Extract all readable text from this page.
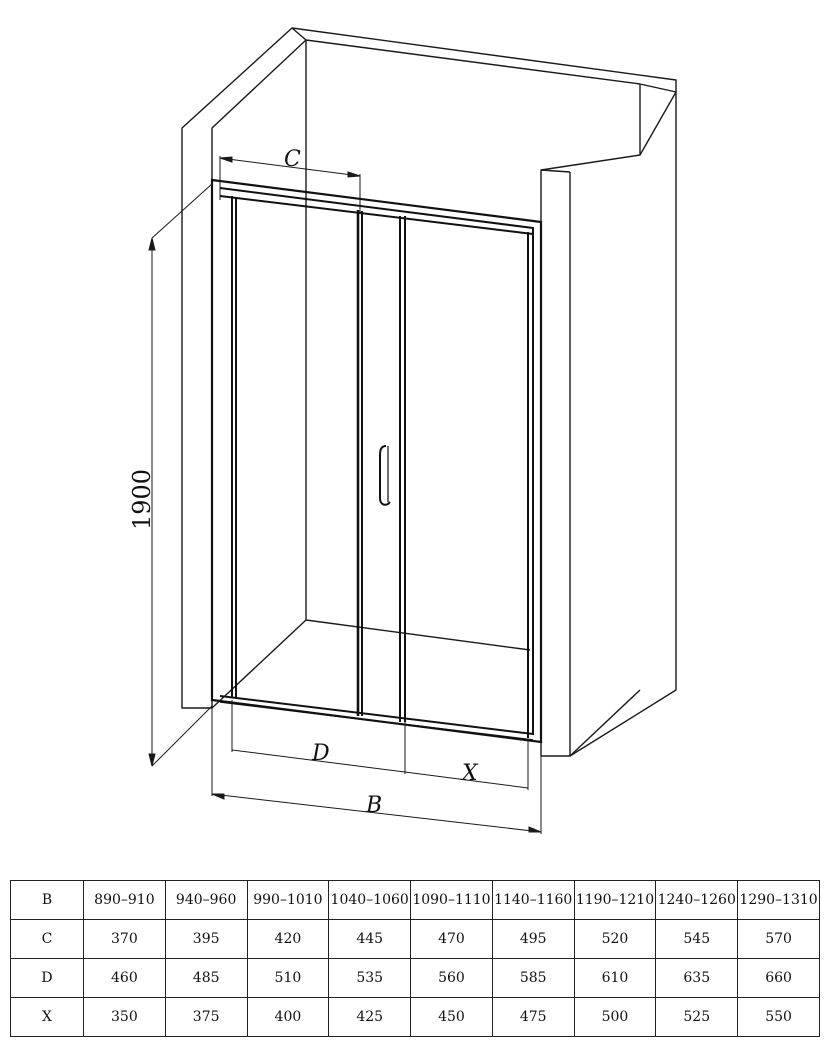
C
1900
D
X
B
B	890–910	940–960	990–1010	1040–1060	1090–1110	1140–1160	1190–1210	1240–1260	1290–1310
C	370	395	420	445	470	495	520	545	570
D	460	485	510	535	560	585	610	635	660
X	350	375	400	425	450	475	500	525	550
